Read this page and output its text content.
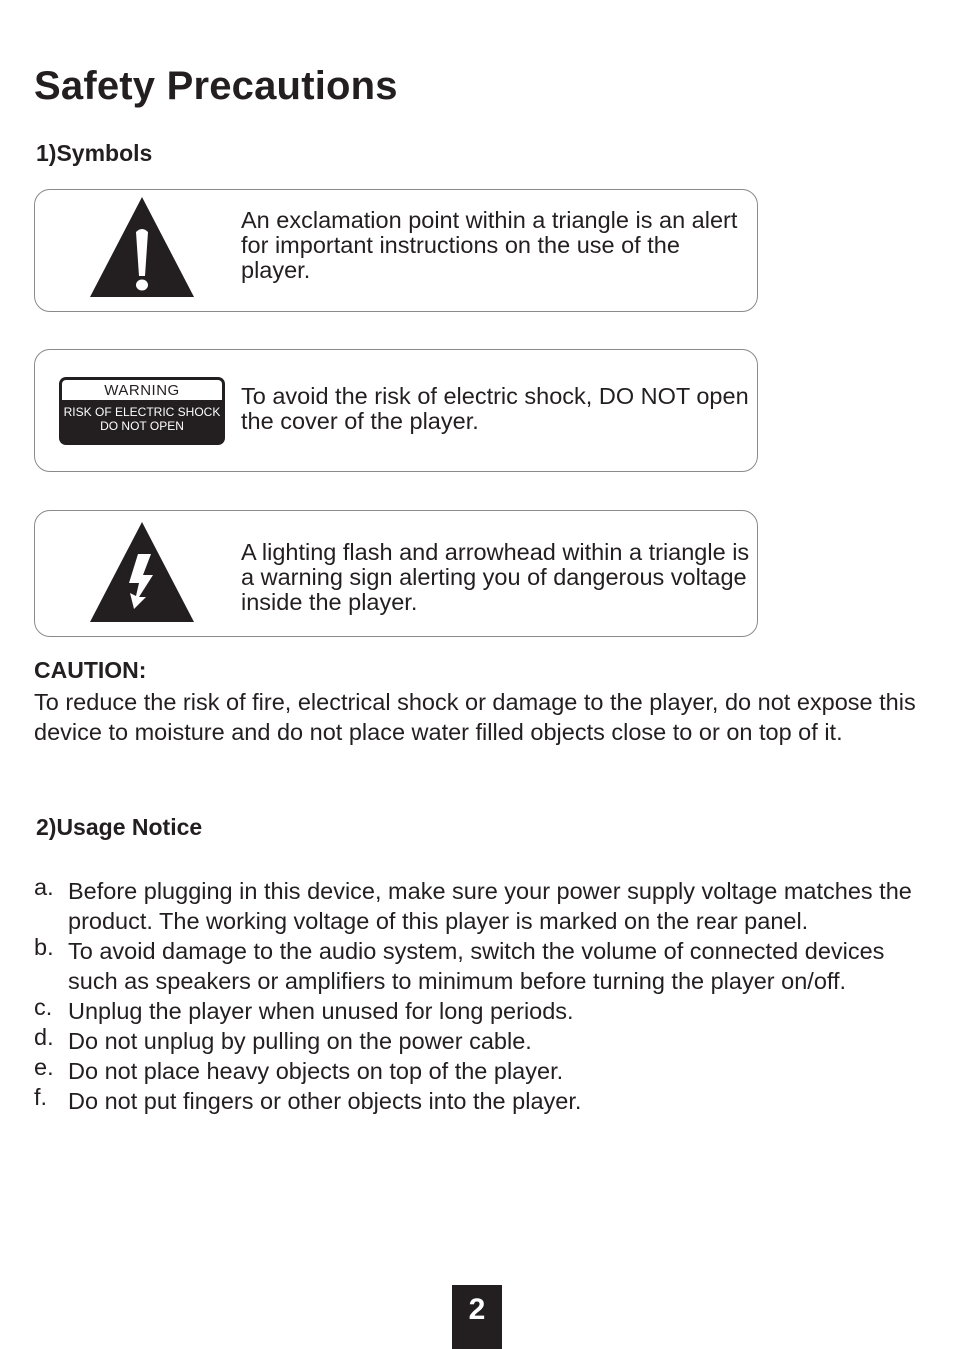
Safety Precautions
1)Symbols
An exclamation point within a triangle is an alert for important instructions on the use of the player.
WARNING
RISK OF ELECTRIC SHOCK
DO NOT OPEN
To avoid the risk of electric shock, DO NOT open the cover of the player.
A lighting flash and arrowhead within a triangle is a warning sign alerting you of dangerous voltage inside the player.
CAUTION:

To reduce the risk of fire, electrical shock or damage to the player, do not expose this device to moisture and do not place water filled objects close to or on top of it.

2)Usage Notice
a. Before plugging in this device, make sure your power supply voltage matches the product. The working voltage of this player is marked on the rear panel.
b. To avoid damage to the audio system, switch the volume of connected devices such as speakers or amplifiers to minimum before turning the player on/off.
c. Unplug the player when unused for long periods.
d. Do not unplug by pulling on the power cable.
e. Do not place heavy objects on top of the player.
f. Do not put fingers or other objects into the player.
2
